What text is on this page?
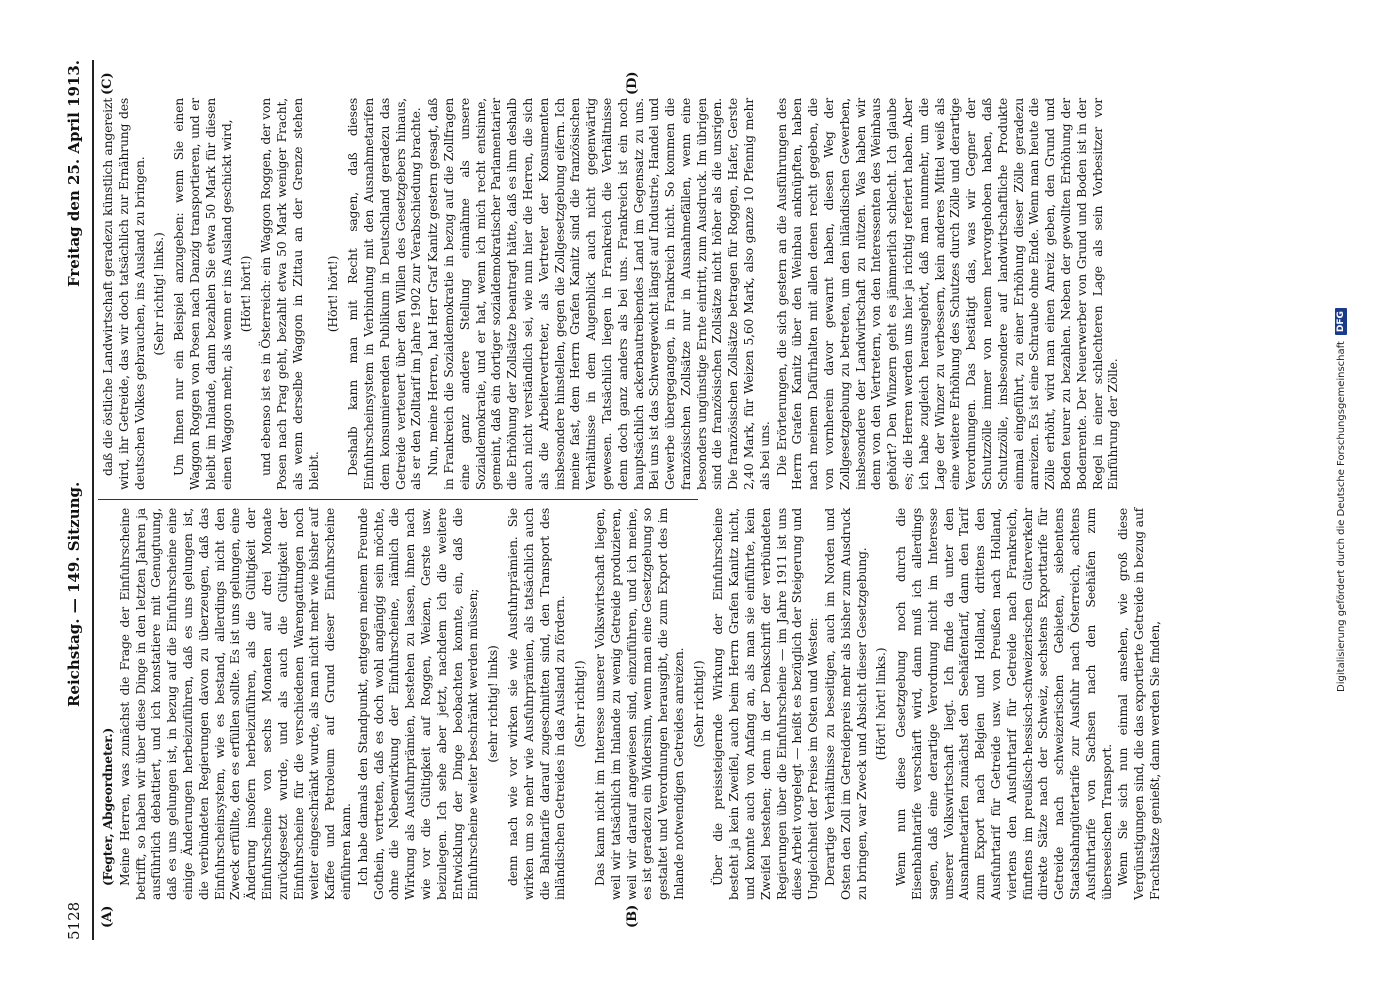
5128
Reichstag. — 149. Sitzung.
Freitag den 25. April 1913.
(A)	(B)
(C)	(D)

(Fegter, Abgeordneter.) Meine Herren, was zunächst die Frage der Einfuhrscheine betrifft, so haben wir über diese Dinge in den letzten Jahren ja ausführlich debattiert, und ich konstatiere mit Genugtuung, daß es uns gelungen ist, in bezug auf die Einfuhrscheine eine einige Änderungen herbeizuführen, daß es uns gelungen ist, die verbündeten Regierungen davon zu überzeugen, daß das Einfuhrscheinsystem, wie es bestand, allerdings nicht den Zweck erfüllte, den es erfüllen sollte. Es ist uns gelungen, eine Änderung insofern herbeizuführen, als die Gültigkeit der Einfuhrscheine von sechs Monaten auf drei Monate zurückgesetzt wurde, und als auch die Gültigkeit der Einfuhrscheine für die verschiedenen Warengattungen noch weiter eingeschränkt wurde, als man nicht mehr wie bisher auf Kaffee und Petroleum auf Grund dieser Einfuhrscheine einführen kann. Ich habe damals den Standpunkt, entgegen meinem Freunde Gothein, vertreten, daß es doch wohl angängig sein möchte, ohne die Nebenwirkung der Einfuhrscheine, nämlich die Wirkung als Ausfuhrprämien, bestehen zu lassen, ihnen nach wie vor die Gültigkeit auf Roggen, Weizen, Gerste usw. beizulegen. Ich sehe aber jetzt, nachdem ich die weitere Entwicklung der Dinge beobachten konnte, ein, daß die Einfuhrscheine weiter beschränkt werden müssen; (sehr richtig! links) denn nach wie vor wirken sie wie Ausfuhrprämien. Sie wirken um so mehr wie Ausfuhrprämien, als tatsächlich auch die Bahntarife darauf zugeschnitten sind, den Transport des inländischen Getreides in das Ausland zu fördern. (Sehr richtig!) Das kann nicht im Interesse unserer Volkswirtschaft liegen, weil wir tatsächlich im Inlande zu wenig Getreide produzieren, weil wir darauf angewiesen sind, einzuführen, und ich meine, es ist geradezu ein Widersinn, wenn man eine Gesetzgebung so gestaltet und Verordnungen herausgibt, die zum Export des im Inlande notwendigen Getreides anreizen. (Sehr richtig!) Über die preissteigernde Wirkung der Einfuhrscheine besteht ja kein Zweifel, auch beim Herrn Grafen Kanitz nicht, und konnte auch von Anfang an, als man sie einführte, kein Zweifel bestehen; denn in der Denkschrift der verbündeten Regierungen über die Einfuhrscheine — im Jahre 1911 ist uns diese Arbeit vorgelegt — heißt es bezüglich der Steigerung und Ungleichheit der Preise im Osten und Westen: Derartige Verhältnisse zu beseitigen, auch im Norden und Osten den Zoll im Getreidepreis mehr als bisher zum Ausdruck zu bringen, war Zweck und Absicht dieser Gesetzgebung. (Hört! hört! links.) Wenn nun diese Gesetzgebung noch durch die Eisenbahntarife verschärft wird, dann muß ich allerdings sagen, daß eine derartige Verordnung nicht im Interesse unserer Volkswirtschaft liegt. Ich finde da unter den Ausnahmetarifen zunächst den Seehäfentarif, dann den Tarif zum Export nach Belgien und Holland, drittens den Ausfuhrtarif für Getreide usw. von Preußen nach Holland, viertens den Ausfuhrtarif für Getreide nach Frankreich, fünftens im preußisch-hessisch-schweizerischen Güterverkehr direkte Sätze nach der Schweiz, sechstens Exporttarife für Getreide nach schweizerischen Gebieten, siebentens Staatsbahngütertarife zur Ausfuhr nach Österreich, achtens Ausfuhrtarife von Sachsen nach den Seehäfen zum überseeischen Transport. Wenn Sie sich nun einmal ansehen, wie groß diese Vergünstigungen sind, die das exportierte Getreide in bezug auf Frachtsätze genießt, dann werden Sie finden,

daß die östliche Landwirtschaft geradezu künstlich angereizt wird, ihr Getreide, das wir doch tatsächlich zur Ernährung des deutschen Volkes gebrauchen, ins Ausland zu bringen. (Sehr richtig! links.) Um Ihnen nur ein Beispiel anzugeben: wenn Sie einen Waggon Roggen von Posen nach Danzig transportieren, und er bleibt im Inlande, dann bezahlen Sie etwa 50 Mark für diesen einen Waggon mehr, als wenn er ins Ausland geschickt wird, (Hört! hört!) und ebenso ist es in Österreich: ein Waggon Roggen, der von Posen nach Prag geht, bezahlt etwa 50 Mark weniger Fracht, als wenn derselbe Waggon in Zittau an der Grenze stehen bleibt.

(Hört! hört!) Deshalb kann man mit Recht sagen, daß dieses Einfuhrscheinsystem in Verbindung mit den Ausnahmetarifen dem konsumierenden Publikum in Deutschland geradezu das Getreide verteuert über den Willen des Gesetzgebers hinaus, als er den Zolltarif im Jahre 1902 zur Verabschiedung brachte. Nun, meine Herren, hat Herr Graf Kanitz gestern gesagt, daß in Frankreich die Sozialdemokratie in bezug auf die Zollfragen eine ganz andere Stellung einnähme als unsere Sozialdemokratie, und er hat, wenn ich mich recht entsinne, gemeint, daß ein dortiger sozialdemokratischer Parlamentarier die Erhöhung der Zollsätze beantragt hätte, daß es ihm deshalb auch nicht verständlich sei, wie nun hier die Herren, die sich als die Arbeitervertreter, als Vertreter der Konsumenten insbesondere hinstellen, gegen die Zollgesetzgebung eifern. Ich meine fast, dem Herrn Grafen Kanitz sind die französischen Verhältnisse in dem Augenblick auch nicht gegenwärtig gewesen. Tatsächlich liegen in Frankreich die Verhältnisse denn doch ganz anders als bei uns. Frankreich ist ein noch hauptsächlich ackerbautreibendes Land im Gegensatz zu uns. Bei uns ist das Schwergewicht längst auf Industrie, Handel und Gewerbe übergegangen, in Frankreich nicht. So kommen die französischen Zollsätze nur in Ausnahmefällen, wenn eine besonders ungünstige Ernte eintritt, zum Ausdruck. Im übrigen sind die französischen Zollsätze nicht höher als die unsrigen. Die französischen Zollsätze betragen für Roggen, Hafer, Gerste 2,40 Mark, für Weizen 5,60 Mark, also ganze 10 Pfennig mehr als bei uns. Die Erörterungen, die sich gestern an die Ausführungen des Herrn Grafen Kanitz über den Weinbau anknüpften, haben nach meinem Dafürhalten mit allen denen recht gegeben, die von vornherein davor gewarnt haben, diesen Weg der Zollgesetzgebung zu betreten, um den inländischen Gewerben, insbesondere der Landwirtschaft zu nützen. Was haben wir denn von den Vertretern, von den Interessenten des Weinbaus gehört? Den Winzern geht es jämmerlich schlecht. Ich glaube es; die Herren werden uns hier ja richtig referiert haben. Aber ich habe zugleich herausgehört, daß man nunmehr, um die Lage der Winzer zu verbessern, kein anderes Mittel weiß als eine weitere Erhöhung des Schutzes durch Zölle und derartige Verordnungen. Das bestätigt das, was wir Gegner der Schutzzölle immer von neuem hervorgehoben haben, daß Schutzzölle, insbesondere auf landwirtschaftliche Produkte einmal eingeführt, zu einer Erhöhung dieser Zölle geradezu anreizen. Es ist eine Schraube ohne Ende. Wenn man heute die Zölle erhöht, wird man einen Anreiz geben, den Grund und Boden teurer zu bezahlen. Neben der gewollten Erhöhung der Bodenrente. Der Neuerwerber von Grund und Boden ist in der Regel in einer schlechteren Lage als sein Vorbesitzer vor Einführung der Zölle.	Digitalisierung gefördert durch die Deutsche Forschungsgemeinschaft
DFG
